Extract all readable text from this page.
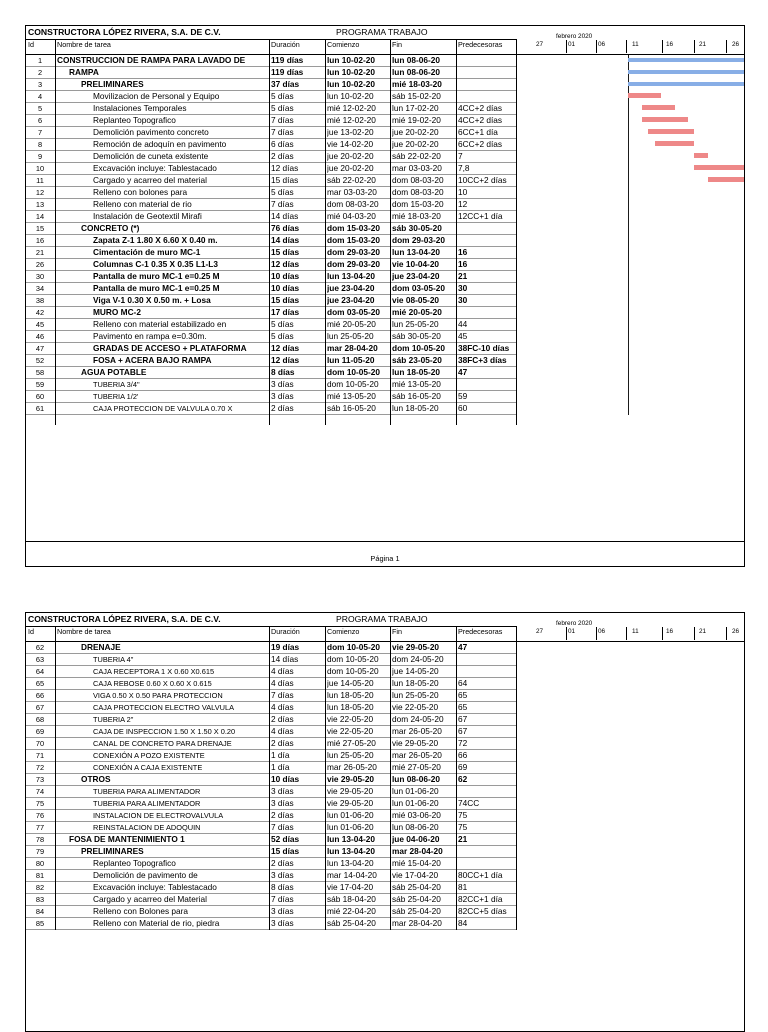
CONSTRUCTORA LÓPEZ RIVERA, S.A. DE C.V.	PROGRAMA TRABAJO
Id	Nombre de tarea	Duración	Comienzo	Fin	Predecesoras
febrero 2020
27	01	06	11	16	21	26
1	CONSTRUCCION DE RAMPA PARA LAVADO DE	119 días	lun 10-02-20	lun 08-06-20
2	RAMPA	119 días	lun 10-02-20	lun 08-06-20
3	PRELIMINARES	37 días	lun 10-02-20	mié 18-03-20
4	Movilizacion de Personal y Equipo	5 días	lun 10-02-20	sáb 15-02-20
5	Instalaciones Temporales	5 días	mié 12-02-20	lun 17-02-20	4CC+2 días
6	Replanteo Topografico	7 días	mié 12-02-20	mié 19-02-20	4CC+2 días
7	Demolición pavimento concreto	7 días	jue 13-02-20	jue 20-02-20	6CC+1 día
8	Remoción de adoquín en pavimento	6 días	vie 14-02-20	jue 20-02-20	6CC+2 días
9	Demolición de cuneta existente	2 días	jue 20-02-20	sáb 22-02-20	7
10	Excavación incluye: Tablestacado	12 días	jue 20-02-20	mar 03-03-20	7,8
11	Cargado y acarreo del material	15 días	sáb 22-02-20	dom 08-03-20	10CC+2 días
12	Relleno con bolones para	5 días	mar 03-03-20	dom 08-03-20	10
13	Relleno con material de rio	7 días	dom 08-03-20	dom 15-03-20	12
14	Instalación de Geotextil Mirafi	14 días	mié 04-03-20	mié 18-03-20	12CC+1 día
15	CONCRETO (*)	76 días	dom 15-03-20	sáb 30-05-20
16	Zapata Z-1 1.80 X 6.60 X 0.40 m.	14 días	dom 15-03-20	dom 29-03-20
21	Cimentación de muro MC-1	15 días	dom 29-03-20	lun 13-04-20	16
26	Columnas C-1 0.35 X 0.35 L1-L3	12 días	dom 29-03-20	vie 10-04-20	16
30	Pantalla de muro MC-1 e=0.25 M	10 días	lun 13-04-20	jue 23-04-20	21
34	Pantalla de muro MC-1 e=0.25 M	10 días	jue 23-04-20	dom 03-05-20	30
38	Viga V-1 0.30 X 0.50 m. + Losa	15 días	jue 23-04-20	vie 08-05-20	30
42	MURO MC-2	17 días	dom 03-05-20	mié 20-05-20
45	Relleno con material estabilizado en	5 días	mié 20-05-20	lun 25-05-20	44
46	Pavimento en rampa e=0.30m.	5 días	lun 25-05-20	sáb 30-05-20	45
47	GRADAS DE ACCESO + PLATAFORMA	12 días	mar 28-04-20	dom 10-05-20	38FC-10 días
52	FOSA + ACERA BAJO RAMPA	12 días	lun 11-05-20	sáb 23-05-20	38FC+3 días
58	AGUA POTABLE	8 días	dom 10-05-20	lun 18-05-20	47
59	TUBERIA 3/4"	3 días	dom 10-05-20	mié 13-05-20
60	TUBERIA 1/2'	3 días	mié 13-05-20	sáb 16-05-20	59
61	CAJA PROTECCION DE VALVULA 0.70 X	2 días	sáb 16-05-20	lun 18-05-20	60
Página 1
CONSTRUCTORA LÓPEZ RIVERA, S.A. DE C.V.	PROGRAMA TRABAJO
Id	Nombre de tarea	Duración	Comienzo	Fin	Predecesoras
febrero 2020
27	01	06	11	16	21	26
62	DRENAJE	19 días	dom 10-05-20	vie 29-05-20	47
63	TUBERIA 4"	14 días	dom 10-05-20	dom 24-05-20
64	CAJA RECEPTORA 1 X 0.60 X0.615	4 días	dom 10-05-20	jue 14-05-20
65	CAJA REBOSE 0.60 X 0.60 X 0.615	4 días	jue 14-05-20	lun 18-05-20	64
66	VIGA 0.50 X 0.50 PARA PROTECCION	7 días	lun 18-05-20	lun 25-05-20	65
67	CAJA PROTECCION ELECTRO VALVULA	4 días	lun 18-05-20	vie 22-05-20	65
68	TUBERIA 2"	2 días	vie 22-05-20	dom 24-05-20	67
69	CAJA DE INSPECCION 1.50 X 1.50 X 0.20	4 días	vie 22-05-20	mar 26-05-20	67
70	CANAL DE CONCRETO PARA DRENAJE	2 días	mié 27-05-20	vie 29-05-20	72
71	CONEXIÓN A POZO EXISTENTE	1 día	lun 25-05-20	mar 26-05-20	66
72	CONEXIÓN A CAJA EXISTENTE	1 día	mar 26-05-20	mié 27-05-20	69
73	OTROS	10 días	vie 29-05-20	lun 08-06-20	62
74	TUBERIA PARA ALIMENTADOR	3 días	vie 29-05-20	lun 01-06-20
75	TUBERIA PARA ALIMENTADOR	3 días	vie 29-05-20	lun 01-06-20	74CC
76	INSTALACION DE ELECTROVALVULA	2 días	lun 01-06-20	mié 03-06-20	75
77	REINSTALACION DE ADOQUIN	7 días	lun 01-06-20	lun 08-06-20	75
78	FOSA DE MANTENIMIENTO 1	52 días	lun 13-04-20	jue 04-06-20	21
79	PRELIMINARES	15 días	lun 13-04-20	mar 28-04-20
80	Replanteo Topografico	2 días	lun 13-04-20	mié 15-04-20
81	Demolición de pavimento de	3 días	mar 14-04-20	vie 17-04-20	80CC+1 día
82	Excavación incluye: Tablestacado	8 días	vie 17-04-20	sáb 25-04-20	81
83	Cargado y acarreo del Material	7 días	sáb 18-04-20	sáb 25-04-20	82CC+1 día
84	Relleno con Bolones para	3 días	mié 22-04-20	sáb 25-04-20	82CC+5 días
85	Relleno con Material de rio, piedra	3 días	sáb 25-04-20	mar 28-04-20	84
